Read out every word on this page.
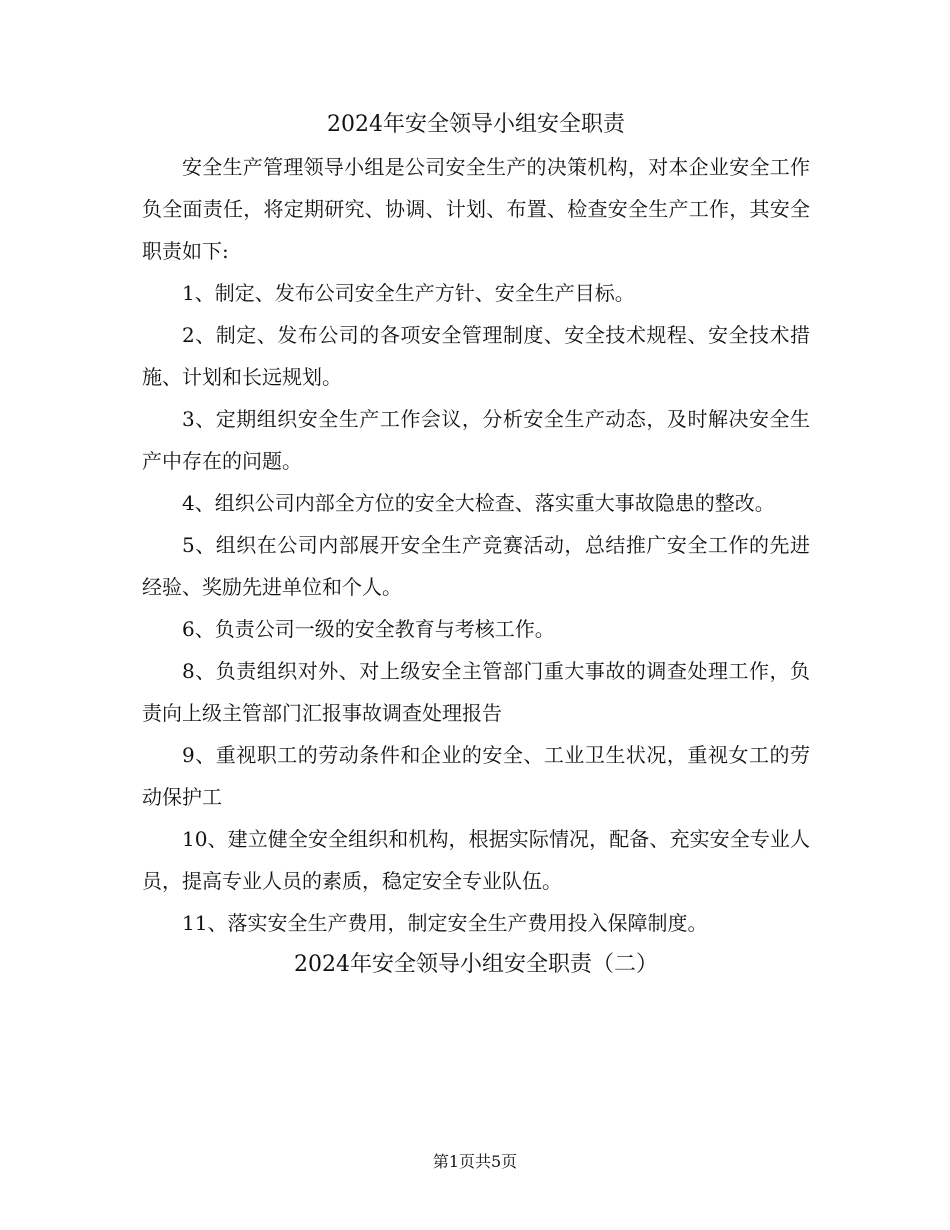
2024年安全领导小组安全职责

安全生产管理领导小组是公司安全生产的决策机构，对本企业安全工作负全面责任，将定期研究、协调、计划、布置、检查安全生产工作，其安全职责如下:

1、制定、发布公司安全生产方针、安全生产目标。

2、制定、发布公司的各项安全管理制度、安全技术规程、安全技术措施、计划和长远规划。

3、定期组织安全生产工作会议，分析安全生产动态，及时解决安全生产中存在的问题。

4、组织公司内部全方位的安全大检查、落实重大事故隐患的整改。

5、组织在公司内部展开安全生产竞赛活动，总结推广安全工作的先进经验、奖励先进单位和个人。

6、负责公司一级的安全教育与考核工作。

8、负责组织对外、对上级安全主管部门重大事故的调查处理工作，负责向上级主管部门汇报事故调查处理报告

9、重视职工的劳动条件和企业的安全、工业卫生状况，重视女工的劳动保护工

10、建立健全安全组织和机构，根据实际情况，配备、充实安全专业人员，提高专业人员的素质，稳定安全专业队伍。

11、落实安全生产费用，制定安全生产费用投入保障制度。

2024年安全领导小组安全职责（二）
第1页共5页
